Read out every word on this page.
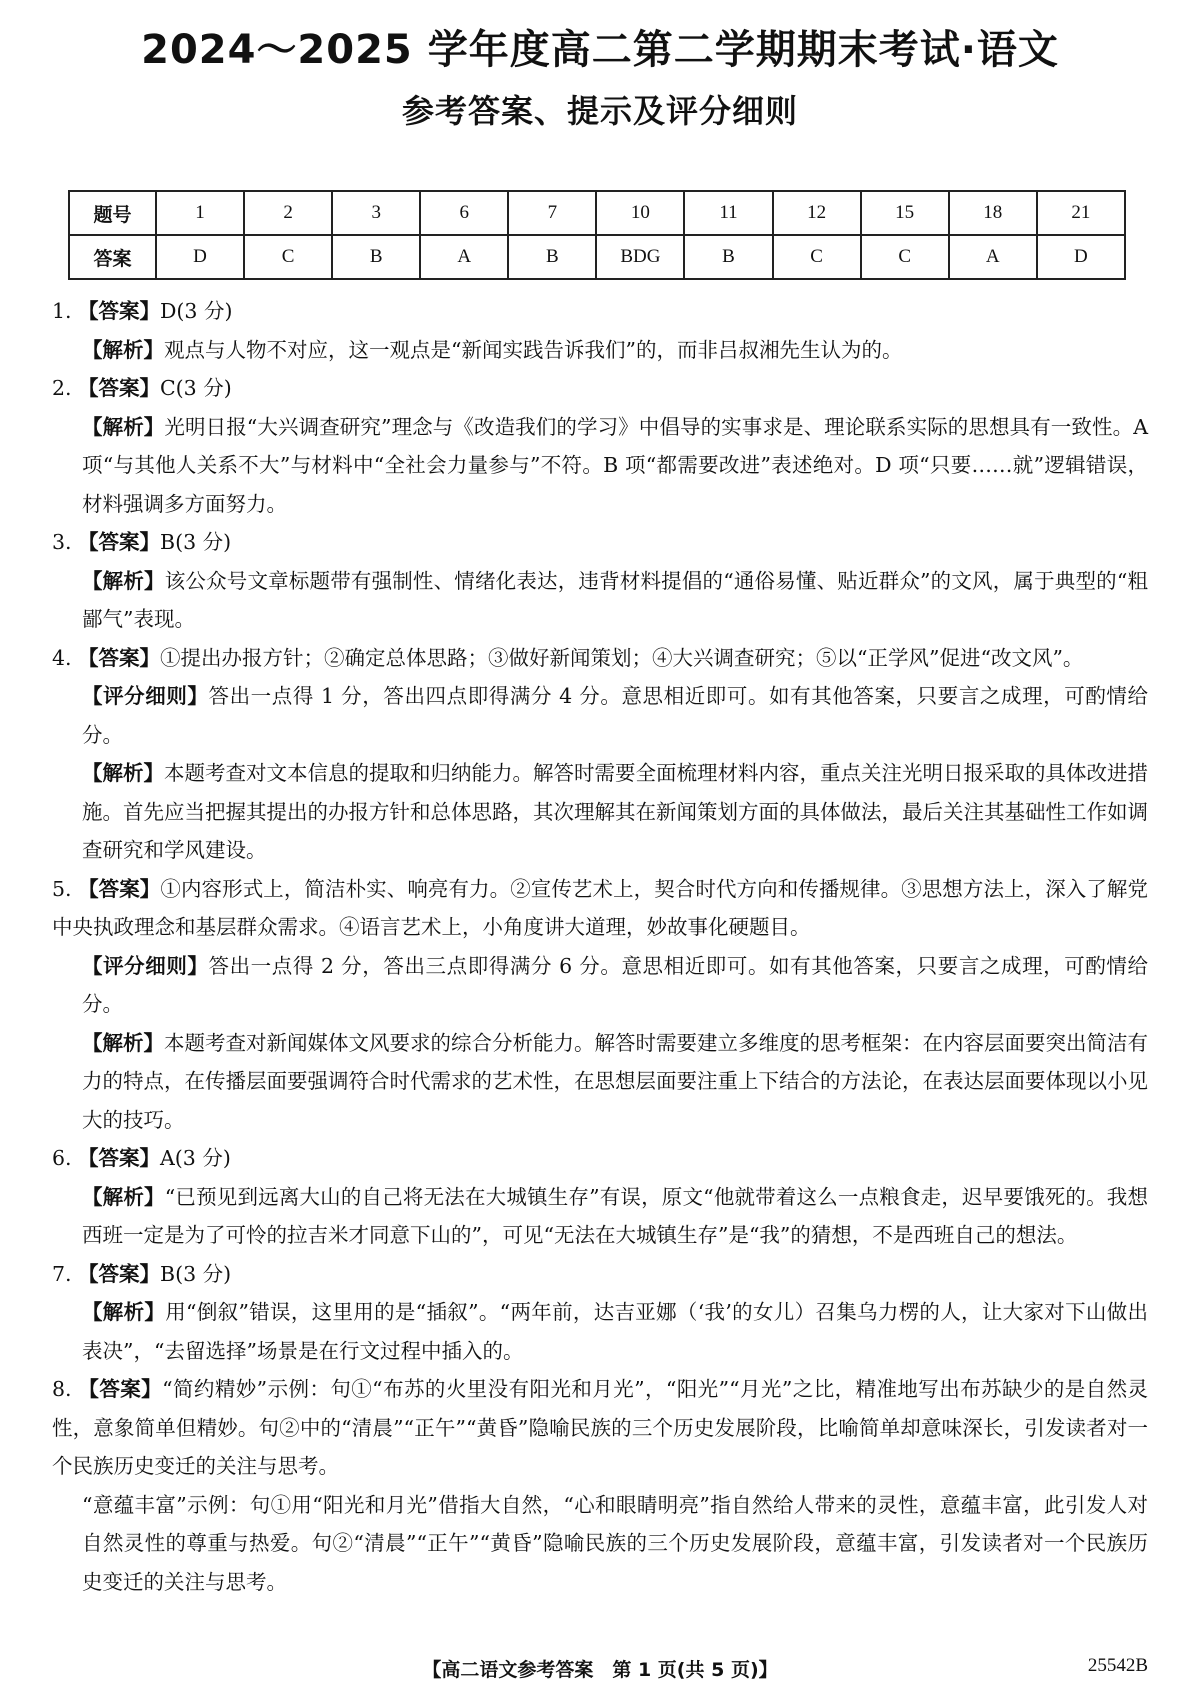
2024～2025 学年度高二第二学期期末考试·语文
参考答案、提示及评分细则
题号	1	2	3	6	7	10	11	12	15	18	21
答案	D	C	B	A	B	BDG	B	C	C	A	D

1. 【答案】D(3 分)

【解析】观点与人物不对应，这一观点是“新闻实践告诉我们”的，而非吕叔湘先生认为的。

2. 【答案】C(3 分)

【解析】光明日报“大兴调查研究”理念与《改造我们的学习》中倡导的实事求是、理论联系实际的思想具有一致性。A 项“与其他人关系不大”与材料中“全社会力量参与”不符。B 项“都需要改进”表述绝对。D 项“只要……就”逻辑错误，材料强调多方面努力。

3. 【答案】B(3 分)

【解析】该公众号文章标题带有强制性、情绪化表达，违背材料提倡的“通俗易懂、贴近群众”的文风，属于典型的“粗鄙气”表现。

4. 【答案】①提出办报方针；②确定总体思路；③做好新闻策划；④大兴调查研究；⑤以“正学风”促进“改文风”。

【评分细则】答出一点得 1 分，答出四点即得满分 4 分。意思相近即可。如有其他答案，只要言之成理，可酌情给分。

【解析】本题考查对文本信息的提取和归纳能力。解答时需要全面梳理材料内容，重点关注光明日报采取的具体改进措施。首先应当把握其提出的办报方针和总体思路，其次理解其在新闻策划方面的具体做法，最后关注其基础性工作如调查研究和学风建设。

5. 【答案】①内容形式上，简洁朴实、响亮有力。②宣传艺术上，契合时代方向和传播规律。③思想方法上，深入了解党中央执政理念和基层群众需求。④语言艺术上，小角度讲大道理，妙故事化硬题目。

【评分细则】答出一点得 2 分，答出三点即得满分 6 分。意思相近即可。如有其他答案，只要言之成理，可酌情给分。

【解析】本题考查对新闻媒体文风要求的综合分析能力。解答时需要建立多维度的思考框架：在内容层面要突出简洁有力的特点，在传播层面要强调符合时代需求的艺术性，在思想层面要注重上下结合的方法论，在表达层面要体现以小见大的技巧。

6. 【答案】A(3 分)

【解析】“已预见到远离大山的自己将无法在大城镇生存”有误，原文“他就带着这么一点粮食走，迟早要饿死的。我想西班一定是为了可怜的拉吉米才同意下山的”，可见“无法在大城镇生存”是“我”的猜想，不是西班自己的想法。

7. 【答案】B(3 分)

【解析】用“倒叙”错误，这里用的是“插叙”。“两年前，达吉亚娜（‘我’的女儿）召集乌力楞的人，让大家对下山做出表决”，“去留选择”场景是在行文过程中插入的。

8. 【答案】“简约精妙”示例：句①“布苏的火里没有阳光和月光”，“阳光”“月光”之比，精准地写出布苏缺少的是自然灵性，意象简单但精妙。句②中的“清晨”“正午”“黄昏”隐喻民族的三个历史发展阶段，比喻简单却意味深长，引发读者对一个民族历史变迁的关注与思考。

“意蕴丰富”示例：句①用“阳光和月光”借指大自然，“心和眼睛明亮”指自然给人带来的灵性，意蕴丰富，此引发人对自然灵性的尊重与热爱。句②“清晨”“正午”“黄昏”隐喻民族的三个历史发展阶段，意蕴丰富，引发读者对一个民族历史变迁的关注与思考。

【高二语文参考答案　第 1 页(共 5 页)】	25542B
